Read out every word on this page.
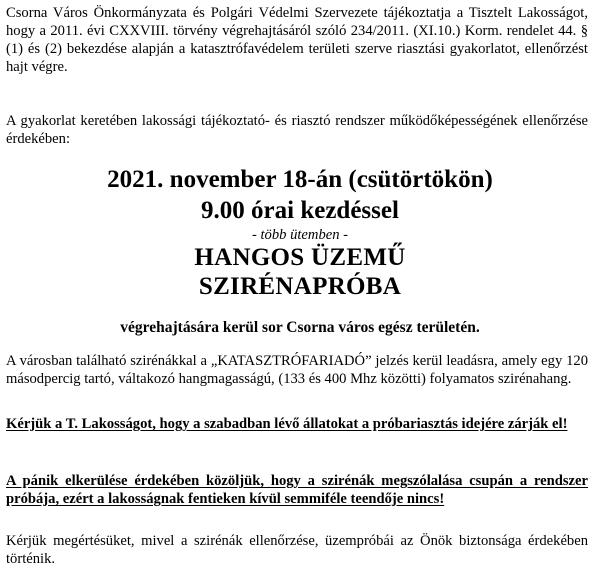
Csorna Város Önkormányzata és Polgári Védelmi Szervezete tájékoztatja a Tisztelt Lakosságot, hogy a 2011. évi CXXVIII. törvény végrehajtásáról szóló 234/2011. (XI.10.) Korm. rendelet 44. § (1) és (2) bekezdése alapján a katasztrófavédelem területi szerve riasztási gyakorlatot, ellenőrzést hajt végre.

A gyakorlat keretében lakossági tájékoztató- és riasztó rendszer működőképességének ellenőrzése érdekében:

2021. november 18-án (csütörtökön)

9.00 órai kezdéssel

- több ütemben -

HANGOS ÜZEMŰ

SZIRÉNAPRÓBA

végrehajtására kerül sor Csorna város egész területén.

A városban található szirénákkal a „KATASZTRÓFARIADÓ” jelzés kerül leadásra, amely egy 120 másodpercig tartó, váltakozó hangmagasságú, (133 és 400 Mhz közötti) folyamatos szirénahang.

Kérjük a T. Lakosságot, hogy a szabadban lévő állatokat a próbariasztás idejére zárják el!

A pánik elkerülése érdekében közöljük, hogy a szirénák megszólalása csupán a rendszer próbája, ezért a lakosságnak fentieken kívül semmiféle teendője nincs!

Kérjük megértésüket, mivel a szirénák ellenőrzése, üzempróbái az Önök biztonsága érdekében történik.
